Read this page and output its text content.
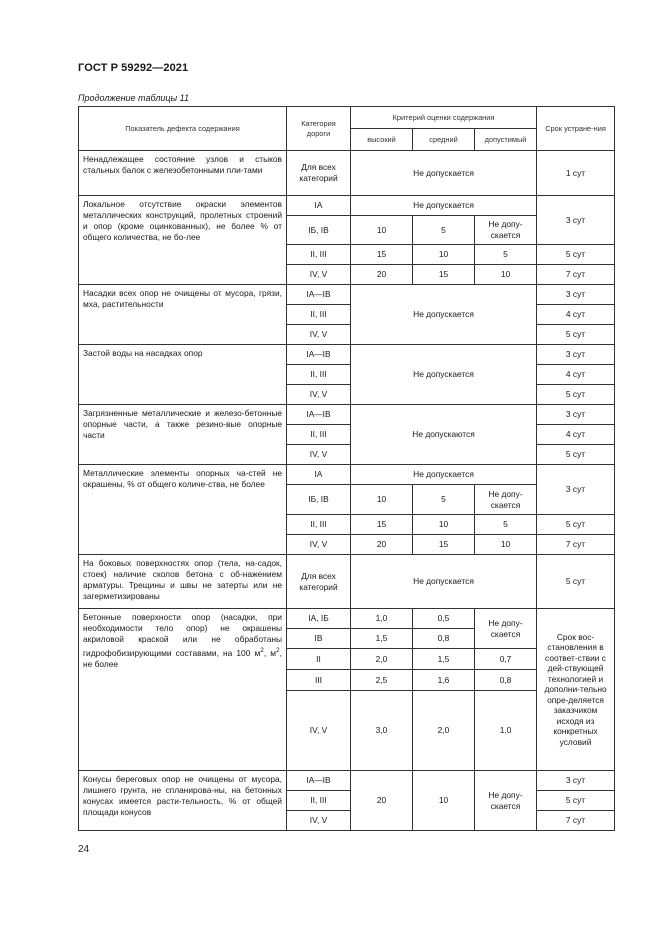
ГОСТ Р 59292—2021
Продолжение таблицы 11
Показатель дефекта содержания	Категория дороги	Критерий оценки содержания			Срок устране-ния
		высокий	средний	допустимый	
Ненадлежащее состояние узлов и стыков стальных балок с железобетонными пли-тами	Для всех категорий	Не допускается			1 сут
Локальное отсутствие окраски элементов металлических конструкций, пролетных строений и опор (кроме оцинкованных), не более % от общего количества, не бо-лее	IA	Не допускается			3 сут
	IБ, IВ	10	5	Не допу-скается	
	II, III	15	10	5	5 сут
	IV, V	20	15	10	7 сут
Насадки всех опор не очищены от мусора, грязи, мха, растительности	IA—IB	Не допускается			3 сут
	II, III				4 сут
	IV, V				5 сут
Застой воды на насадках опор	IA—IB	Не допускается			3 сут
	II, III				4 сут
	IV, V				5 сут
Загрязненные металлические и железо-бетонные опорные части, а также резино-вые опорные части	IA—IB	Не допускаются			3 сут
	II, III				4 сут
	IV, V				5 сут
Металлические элементы опорных ча-стей не окрашены, % от общего количе-ства, не более	IA	Не допускается			3 сут
	IБ, IВ	10	5	Не допу-скается	
	II, III	15	10	5	5 сут
	IV, V	20	15	10	7 сут
На боковых поверхностях опор (тела, на-садок, стоек) наличие сколов бетона с об-нажением арматуры. Трещины и швы не затерты или не загерметизированы	Для всех категорий	Не допускается			5 сут
Бетонные поверхности опор (насадки, при необходимости тело опор) не окрашены акриловой краской или не обработаны гидрофобизирующими составами, на 100 $м^2$, $м^2$, не более	IA, IБ	1,0	0,5	Не допу-скается	Срок вос-становления в соответ-ствии с дей-ствующей технологией и дополни-тельно опре-деляется заказчиком исходя из конкретных условий
	IB	1,5	0,8		
	II	2,0	1,5	0,7	
	III	2,5	1,6	0,8	
	IV, V	3,0	2,0	1,0	
Конусы береговых опор не очищены от мусора, лишнего грунта, не спланирова-ны, на бетонных конусах имеется расти-тельность, % от общей площади конусов	IA—IB	20	10	Не допу-скается	3 сут
	II, III				5 сут
	IV, V				7 сут
24
